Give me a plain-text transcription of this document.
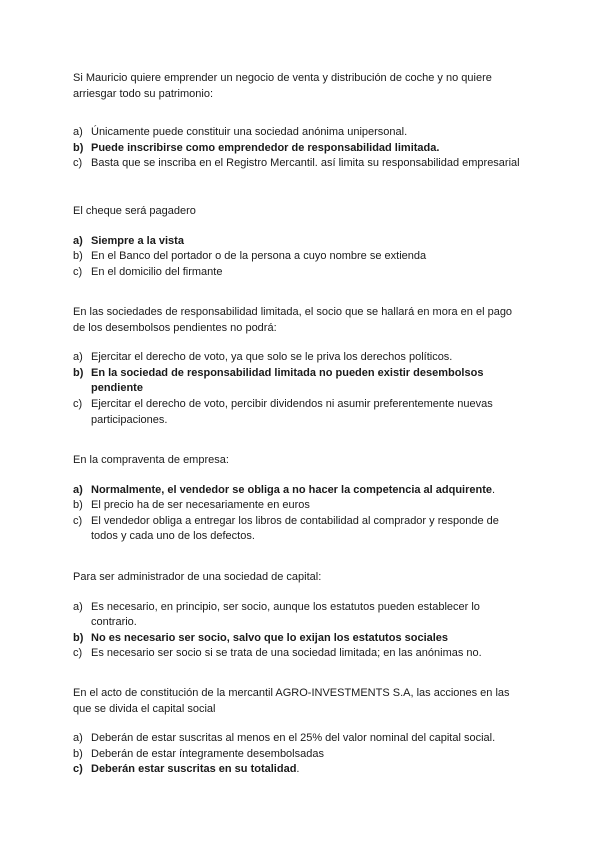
Si Mauricio quiere emprender un negocio de venta y distribución de coche y no quiere arriesgar todo su patrimonio:

a) Únicamente puede constituir una sociedad anónima unipersonal.
b) Puede inscribirse como emprendedor de responsabilidad limitada.
c) Basta que se inscriba en el Registro Mercantil. así limita su responsabilidad empresarial

El cheque será pagadero

a) Siempre a la vista
b) En el Banco del portador o de la persona a cuyo nombre se extienda
c) En el domicilio del firmante

En las sociedades de responsabilidad limitada, el socio que se hallará en mora en el pago de los desembolsos pendientes no podrá:

a) Ejercitar el derecho de voto, ya que solo se le priva los derechos políticos.
b) En la sociedad de responsabilidad limitada no pueden existir desembolsos pendiente
c) Ejercitar el derecho de voto, percibir dividendos ni asumir preferentemente nuevas participaciones.

En la compraventa de empresa:

a) Normalmente, el vendedor se obliga a no hacer la competencia al adquirente.
b) El precio ha de ser necesariamente en euros
c) El vendedor obliga a entregar los libros de contabilidad al comprador y responde de todos y cada uno de los defectos.

Para ser administrador de una sociedad de capital:

a) Es necesario, en principio, ser socio, aunque los estatutos pueden establecer lo contrario.
b) No es necesario ser socio, salvo que lo exijan los estatutos sociales
c) Es necesario ser socio si se trata de una sociedad limitada; en las anónimas no.

En el acto de constitución de la mercantil AGRO-INVESTMENTS S.A, las acciones en las que se divida el capital social

a) Deberán de estar suscritas al menos en el 25% del valor nominal del capital social.
b) Deberán de estar íntegramente desembolsadas
c) Deberán estar suscritas en su totalidad.
